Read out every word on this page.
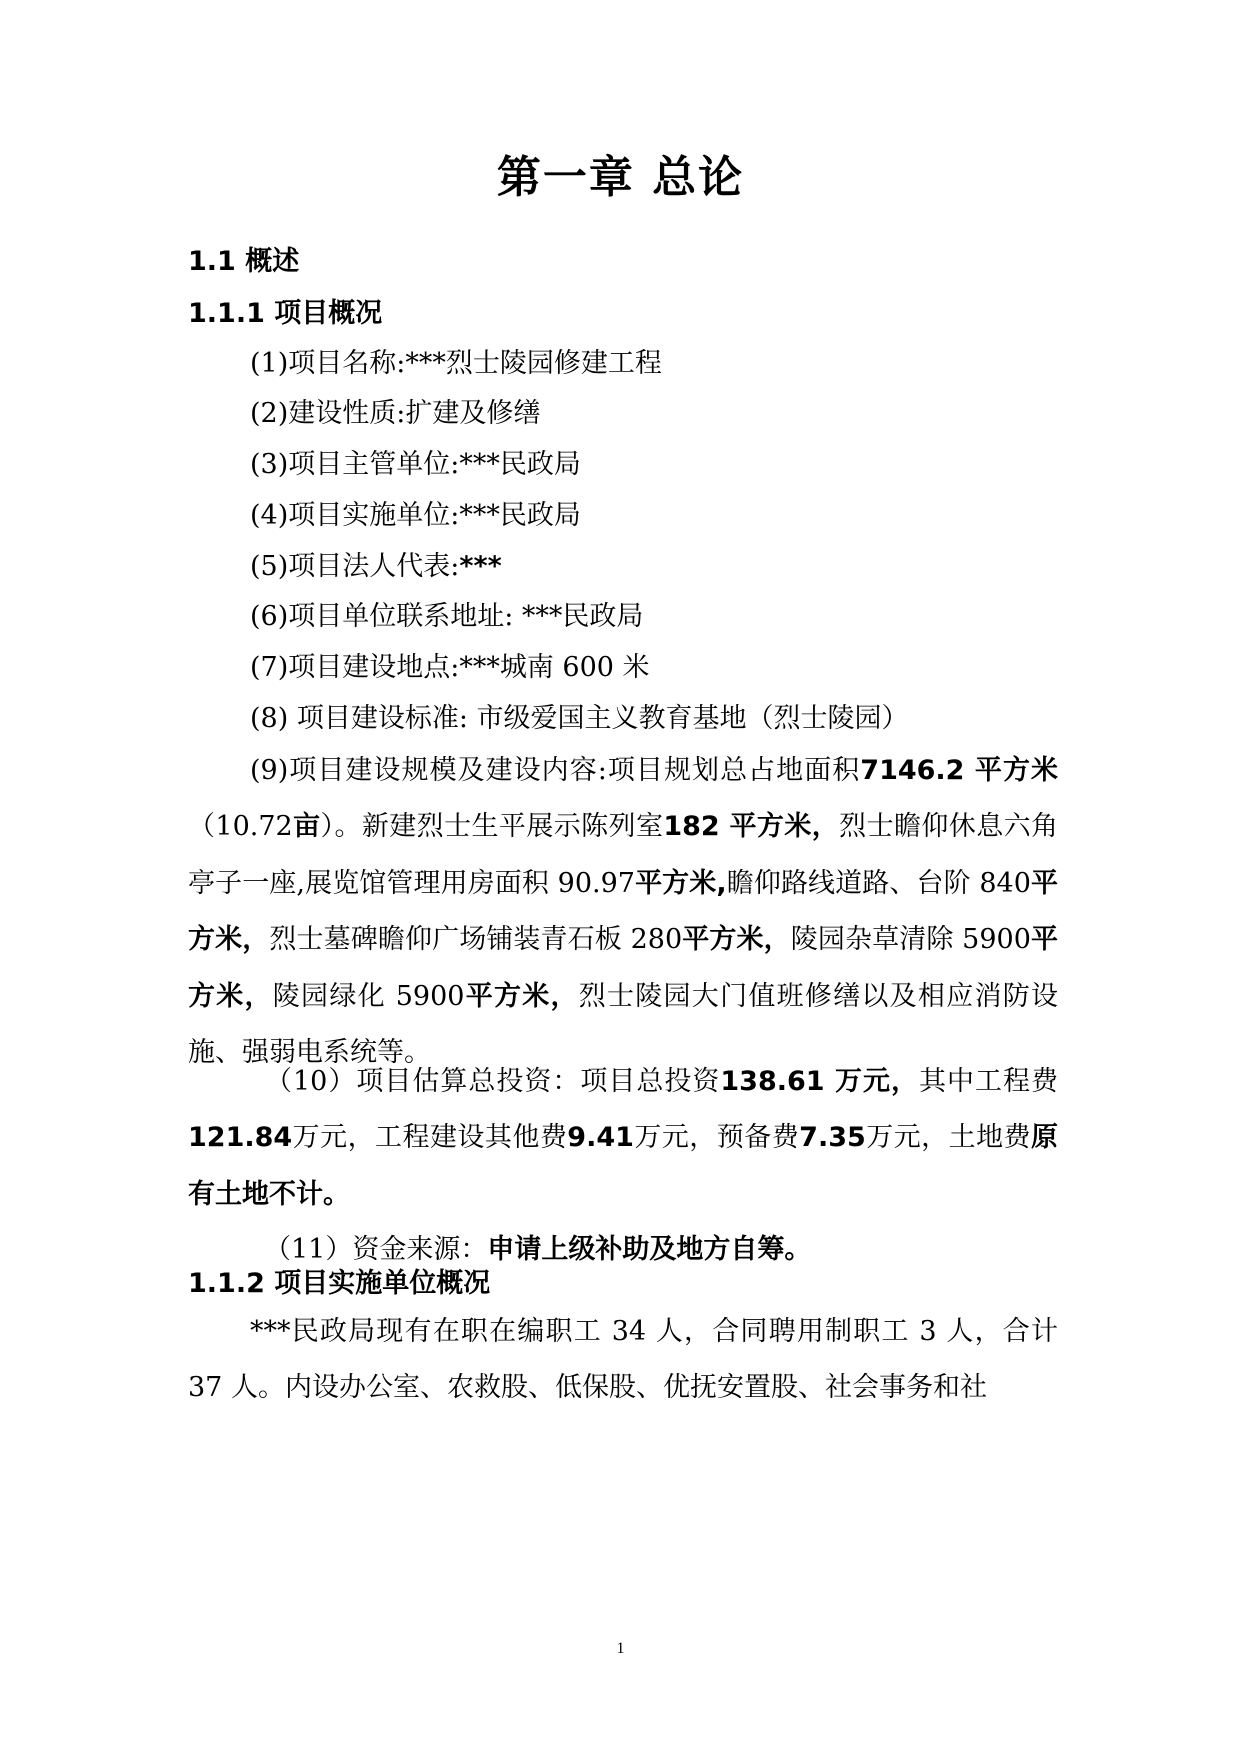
第一章 总论
1.1 概述
1.1.1 项目概况
(1)项目名称:***烈士陵园修建工程
(2)建设性质:扩建及修缮
(3)项目主管单位:***民政局
(4)项目实施单位:***民政局
(5)项目法人代表:***
(6)项目单位联系地址: ***民政局
(7)项目建设地点:***城南 600 米
(8) 项目建设标准: 市级爱国主义教育基地（烈士陵园）
(9)项目建设规模及建设内容:项目规划总占地面积7146.2 平方米（10.72亩）。新建烈士生平展示陈列室182 平方米，烈士瞻仰休息六角亭子一座,展览馆管理用房面积 90.97平方米,瞻仰路线道路、台阶 840平方米，烈士墓碑瞻仰广场铺装青石板 280平方米，陵园杂草清除 5900平方米，陵园绿化 5900平方米，烈士陵园大门值班修缮以及相应消防设施、强弱电系统等。
（10）项目估算总投资：项目总投资138.61 万元，其中工程费121.84万元，工程建设其他费9.41万元，预备费7.35万元，土地费原有土地不计。
（11）资金来源：申请上级补助及地方自筹。
1.1.2 项目实施单位概况
***民政局现有在职在编职工 34 人，合同聘用制职工 3 人，合计 37 人。内设办公室、农救股、低保股、优抚安置股、社会事务和社
1
